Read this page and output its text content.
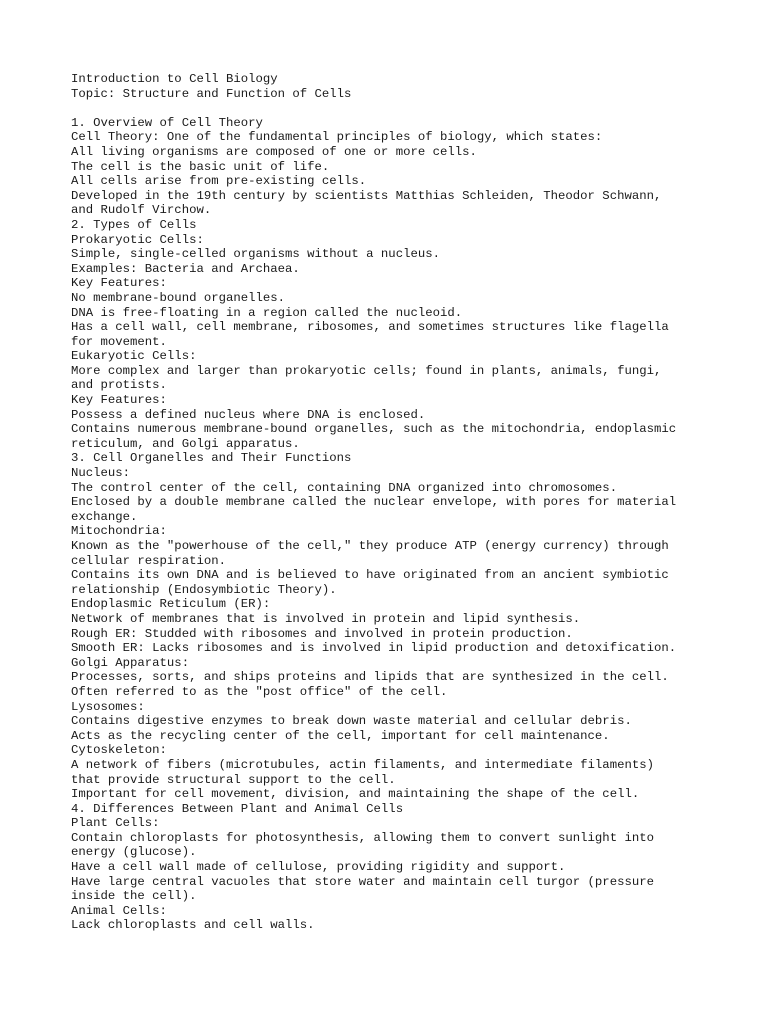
Introduction to Cell Biology
Topic: Structure and Function of Cells
1. Overview of Cell Theory
Cell Theory: One of the fundamental principles of biology, which states:
All living organisms are composed of one or more cells.
The cell is the basic unit of life.
All cells arise from pre-existing cells.
Developed in the 19th century by scientists Matthias Schleiden, Theodor Schwann,
and Rudolf Virchow.
2. Types of Cells
Prokaryotic Cells:
Simple, single-celled organisms without a nucleus.
Examples: Bacteria and Archaea.
Key Features:
No membrane-bound organelles.
DNA is free-floating in a region called the nucleoid.
Has a cell wall, cell membrane, ribosomes, and sometimes structures like flagella
for movement.
Eukaryotic Cells:
More complex and larger than prokaryotic cells; found in plants, animals, fungi,
and protists.
Key Features:
Possess a defined nucleus where DNA is enclosed.
Contains numerous membrane-bound organelles, such as the mitochondria, endoplasmic
reticulum, and Golgi apparatus.
3. Cell Organelles and Their Functions
Nucleus:
The control center of the cell, containing DNA organized into chromosomes.
Enclosed by a double membrane called the nuclear envelope, with pores for material
exchange.
Mitochondria:
Known as the "powerhouse of the cell," they produce ATP (energy currency) through
cellular respiration.
Contains its own DNA and is believed to have originated from an ancient symbiotic
relationship (Endosymbiotic Theory).
Endoplasmic Reticulum (ER):
Network of membranes that is involved in protein and lipid synthesis.
Rough ER: Studded with ribosomes and involved in protein production.
Smooth ER: Lacks ribosomes and is involved in lipid production and detoxification.
Golgi Apparatus:
Processes, sorts, and ships proteins and lipids that are synthesized in the cell.
Often referred to as the "post office" of the cell.
Lysosomes:
Contains digestive enzymes to break down waste material and cellular debris.
Acts as the recycling center of the cell, important for cell maintenance.
Cytoskeleton:
A network of fibers (microtubules, actin filaments, and intermediate filaments)
that provide structural support to the cell.
Important for cell movement, division, and maintaining the shape of the cell.
4. Differences Between Plant and Animal Cells
Plant Cells:
Contain chloroplasts for photosynthesis, allowing them to convert sunlight into
energy (glucose).
Have a cell wall made of cellulose, providing rigidity and support.
Have large central vacuoles that store water and maintain cell turgor (pressure
inside the cell).
Animal Cells:
Lack chloroplasts and cell walls.
